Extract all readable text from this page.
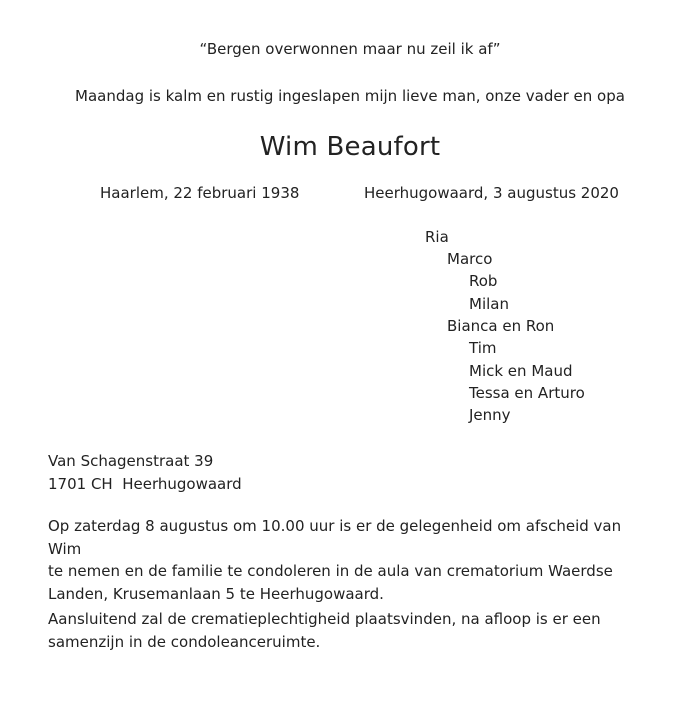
“Bergen overwonnen maar nu zeil ik af”
Maandag is kalm en rustig ingeslapen mijn lieve man, onze vader en opa
Wim Beaufort
Haarlem, 22 februari 1938	Heerhugowaard, 3 augustus 2020
Ria
Marco
Rob
Milan
Bianca en Ron
Tim
Mick en Maud
Tessa en Arturo
Jenny

Van Schagenstraat 39

1701 CH  Heerhugowaard

Op zaterdag 8 augustus om 10.00 uur is er de gelegenheid om afscheid van Wim

te nemen en de familie te condoleren in de aula van crematorium Waerdse

Landen, Krusemanlaan 5 te Heerhugowaard.

Aansluitend zal de crematieplechtigheid plaatsvinden, na afloop is er een

samenzijn in de condoleanceruimte.
